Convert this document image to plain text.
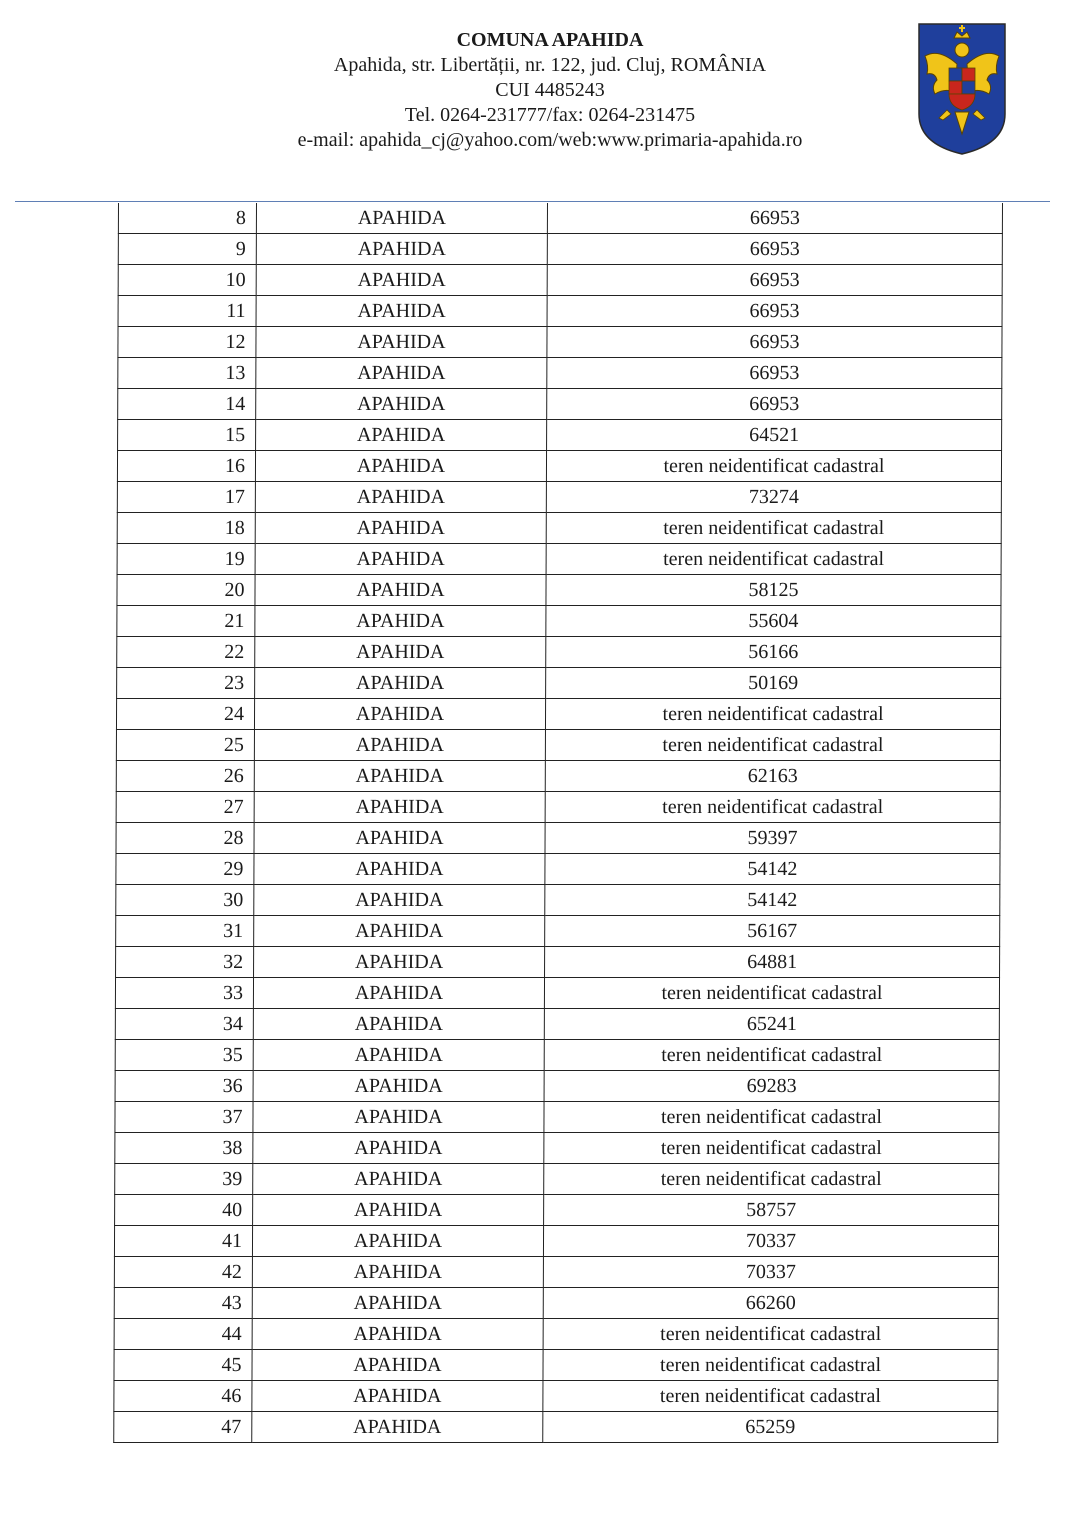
COMUNA APAHIDA
Apahida, str. Libertății, nr. 122, jud. Cluj, ROMÂNIA
CUI 4485243
Tel. 0264-231777/fax: 0264-231475
e-mail: apahida_cj@yahoo.com/web:www.primaria-apahida.ro
8	APAHIDA	66953
9	APAHIDA	66953
10	APAHIDA	66953
11	APAHIDA	66953
12	APAHIDA	66953
13	APAHIDA	66953
14	APAHIDA	66953
15	APAHIDA	64521
16	APAHIDA	teren neidentificat cadastral
17	APAHIDA	73274
18	APAHIDA	teren neidentificat cadastral
19	APAHIDA	teren neidentificat cadastral
20	APAHIDA	58125
21	APAHIDA	55604
22	APAHIDA	56166
23	APAHIDA	50169
24	APAHIDA	teren neidentificat cadastral
25	APAHIDA	teren neidentificat cadastral
26	APAHIDA	62163
27	APAHIDA	teren neidentificat cadastral
28	APAHIDA	59397
29	APAHIDA	54142
30	APAHIDA	54142
31	APAHIDA	56167
32	APAHIDA	64881
33	APAHIDA	teren neidentificat cadastral
34	APAHIDA	65241
35	APAHIDA	teren neidentificat cadastral
36	APAHIDA	69283
37	APAHIDA	teren neidentificat cadastral
38	APAHIDA	teren neidentificat cadastral
39	APAHIDA	teren neidentificat cadastral
40	APAHIDA	58757
41	APAHIDA	70337
42	APAHIDA	70337
43	APAHIDA	66260
44	APAHIDA	teren neidentificat cadastral
45	APAHIDA	teren neidentificat cadastral
46	APAHIDA	teren neidentificat cadastral
47	APAHIDA	65259
